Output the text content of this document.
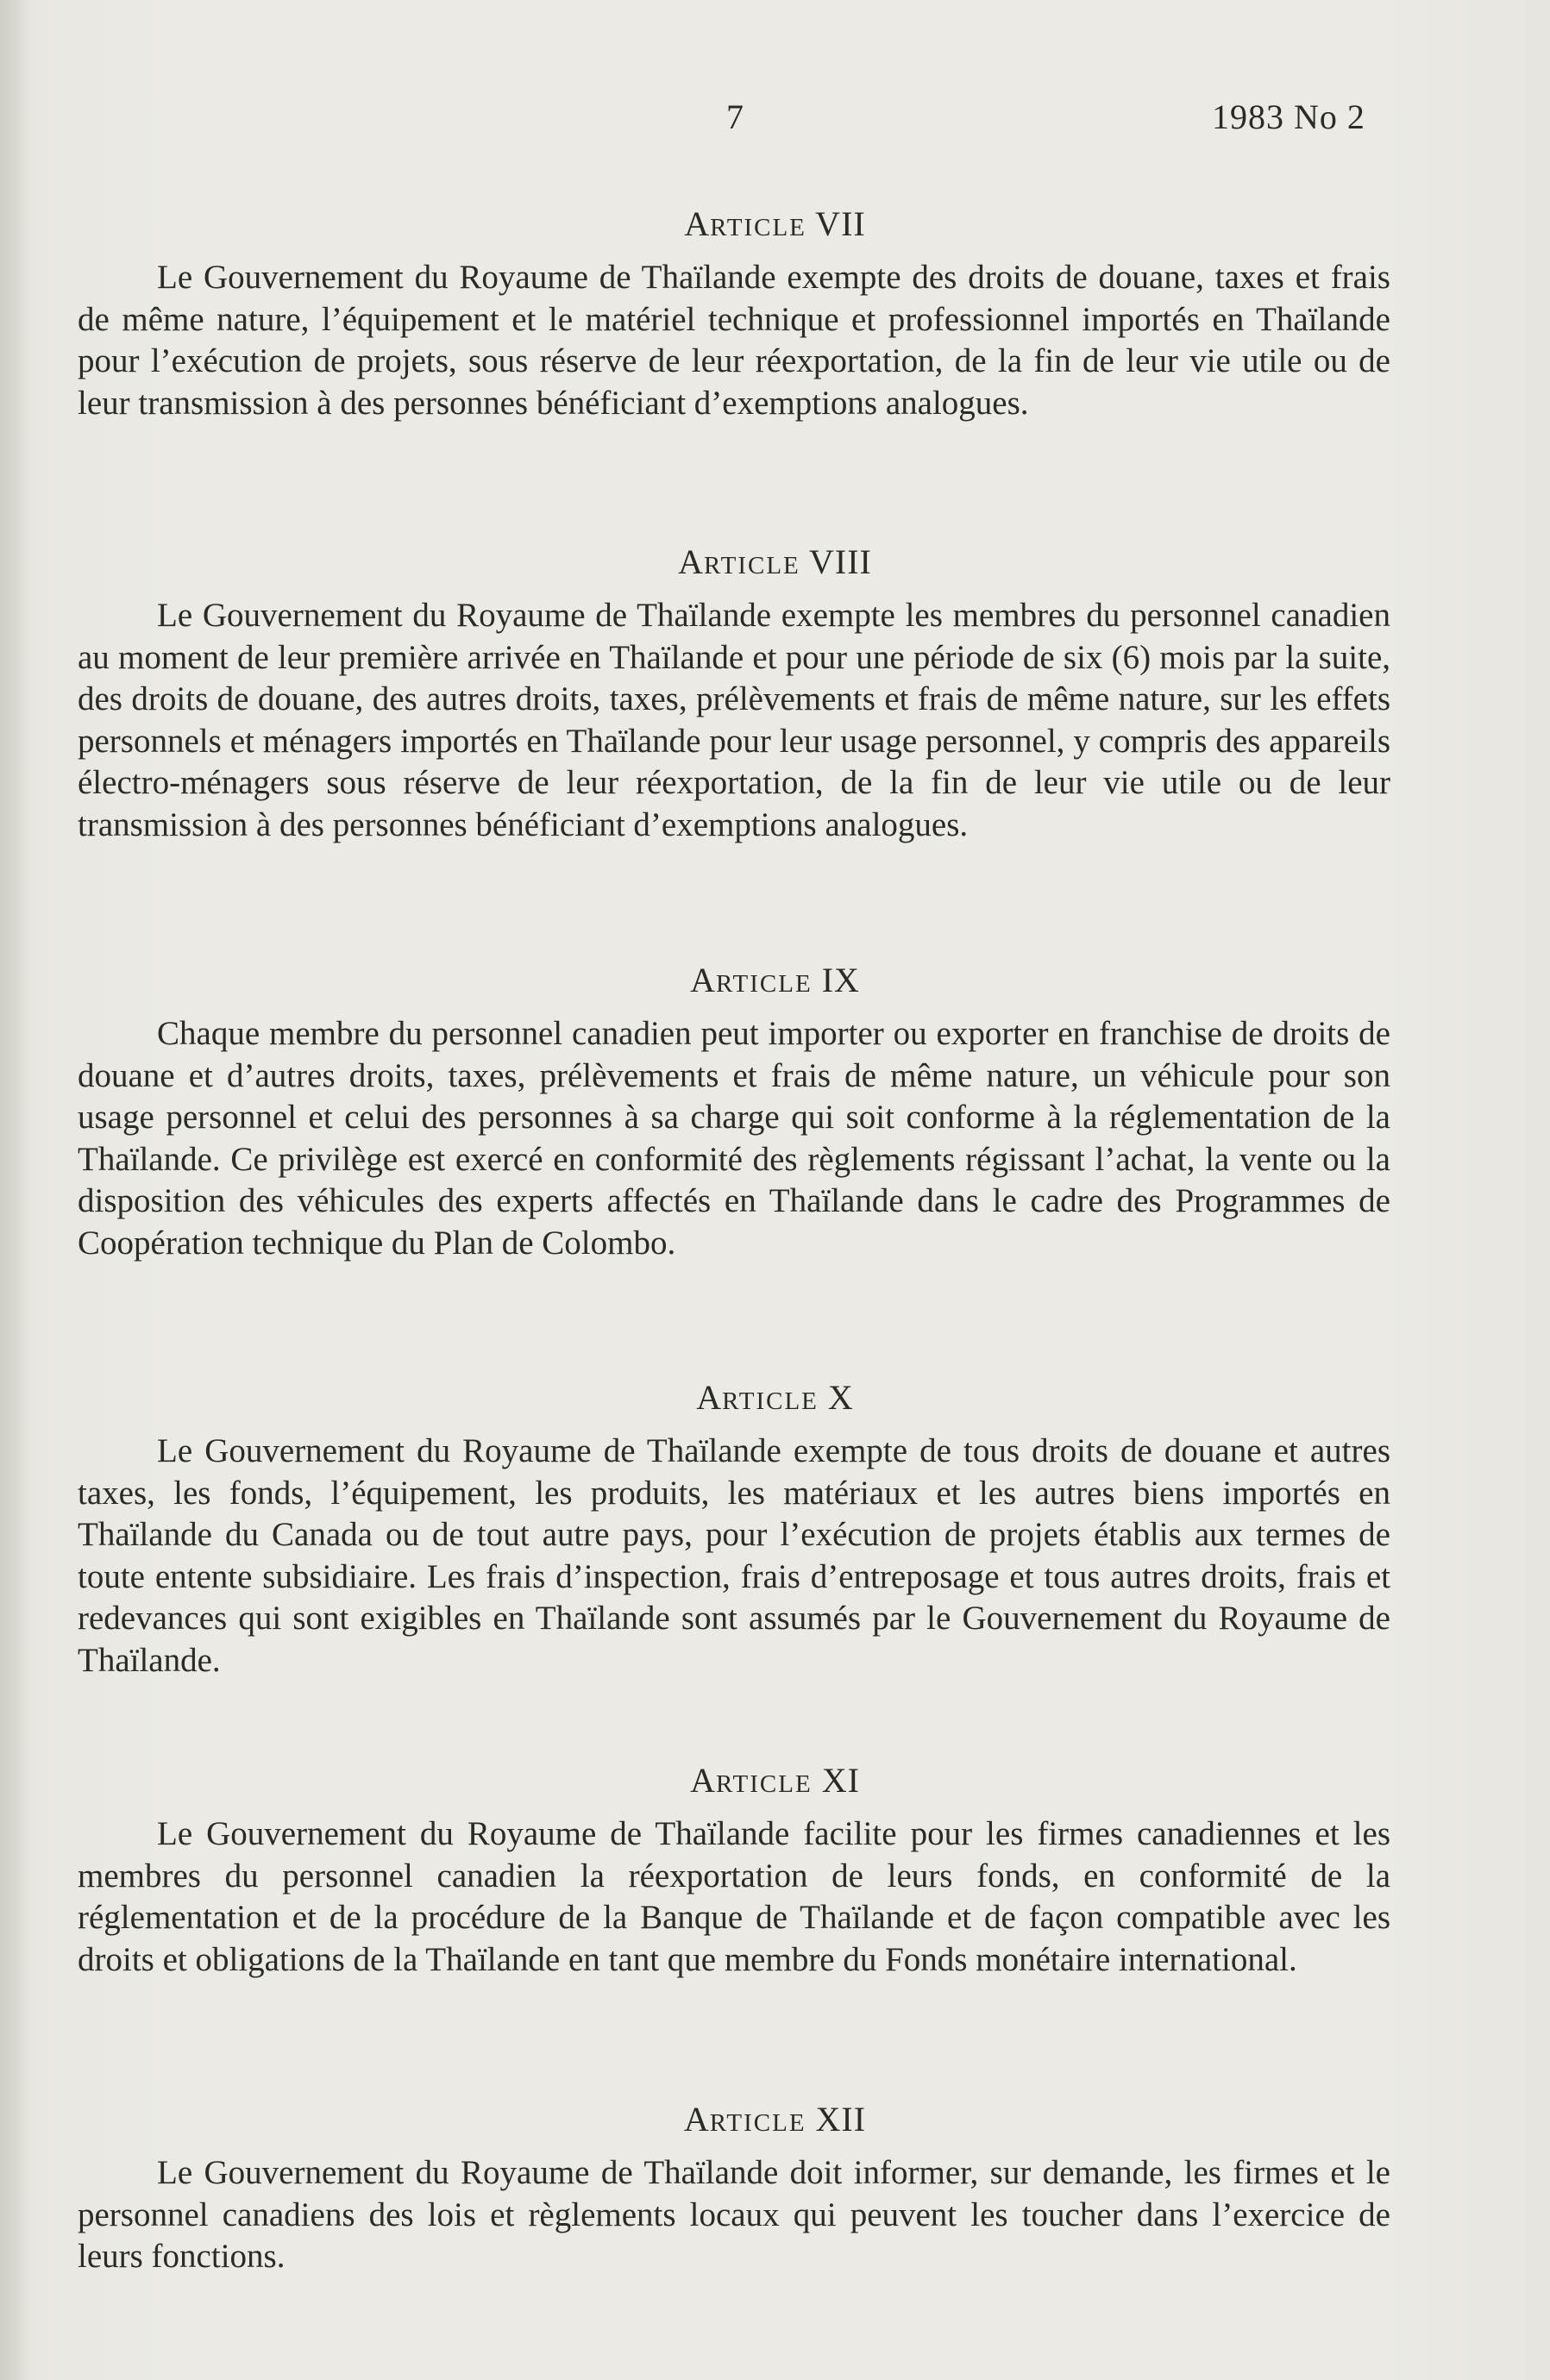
7	1983 No 2
ARTICLE VII

Le Gouvernement du Royaume de Thaïlande exempte des droits de douane, taxes et frais de même nature, l’équipement et le matériel technique et professionnel importés en Thaïlande pour l’exécution de projets, sous réserve de leur réexportation, de la fin de leur vie utile ou de leur transmission à des personnes bénéficiant d’exemptions analogues.

ARTICLE VIII

Le Gouvernement du Royaume de Thaïlande exempte les membres du personnel canadien au moment de leur première arrivée en Thaïlande et pour une période de six (6) mois par la suite, des droits de douane, des autres droits, taxes, prélèvements et frais de même nature, sur les effets personnels et ménagers importés en Thaïlande pour leur usage personnel, y compris des appareils électro-ménagers sous réserve de leur réexportation, de la fin de leur vie utile ou de leur transmission à des personnes bénéficiant d’exemptions analogues.

ARTICLE IX

Chaque membre du personnel canadien peut importer ou exporter en franchise de droits de douane et d’autres droits, taxes, prélèvements et frais de même nature, un véhicule pour son usage personnel et celui des personnes à sa charge qui soit conforme à la réglementation de la Thaïlande. Ce privilège est exercé en conformité des règlements régissant l’achat, la vente ou la disposition des véhicules des experts affectés en Thaïlande dans le cadre des Programmes de Coopération technique du Plan de Colombo.

ARTICLE X

Le Gouvernement du Royaume de Thaïlande exempte de tous droits de douane et autres taxes, les fonds, l’équipement, les produits, les matériaux et les autres biens importés en Thaïlande du Canada ou de tout autre pays, pour l’exécution de projets établis aux termes de toute entente subsidiaire. Les frais d’inspection, frais d’entreposage et tous autres droits, frais et redevances qui sont exigibles en Thaïlande sont assumés par le Gouvernement du Royaume de Thaïlande.

ARTICLE XI

Le Gouvernement du Royaume de Thaïlande facilite pour les firmes canadiennes et les membres du personnel canadien la réexportation de leurs fonds, en conformité de la réglementation et de la procédure de la Banque de Thaïlande et de façon compatible avec les droits et obligations de la Thaïlande en tant que membre du Fonds monétaire international.

ARTICLE XII

Le Gouvernement du Royaume de Thaïlande doit informer, sur demande, les firmes et le personnel canadiens des lois et règlements locaux qui peuvent les toucher dans l’exercice de leurs fonctions.
